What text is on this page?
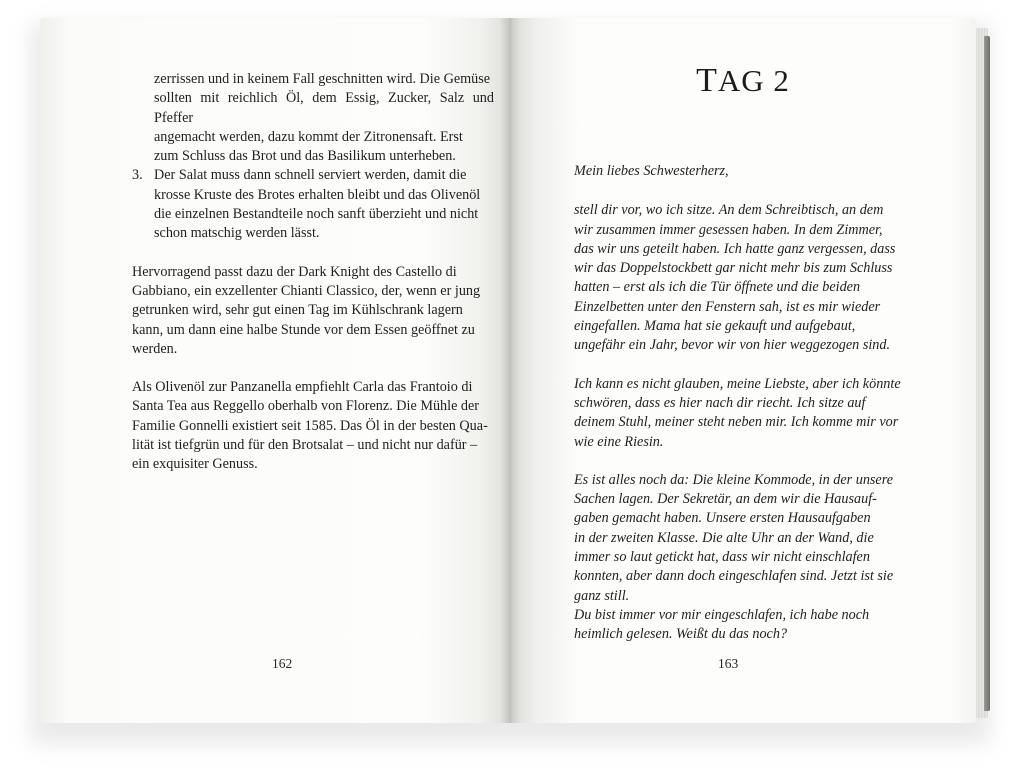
zerrissen und in keinem Fall geschnitten wird. Die Gemüse
sollten mit reichlich Öl, dem Essig, Zucker, Salz und Pfeffer
angemacht werden, dazu kommt der Zitronensaft. Erst
zum Schluss das Brot und das Basilikum unterheben.
3. Der Salat muss dann schnell serviert werden, damit die
krosse Kruste des Brotes erhalten bleibt und das Olivenöl
die einzelnen Bestandteile noch sanft überzieht und nicht
schon matschig werden lässt.
Hervorragend passt dazu der Dark Knight des Castello di
Gabbiano, ein exzellenter Chianti Classico, der, wenn er jung
getrunken wird, sehr gut einen Tag im Kühlschrank lagern
kann, um dann eine halbe Stunde vor dem Essen geöffnet zu
werden.
Als Olivenöl zur Panzanella empfiehlt Carla das Frantoio di
Santa Tea aus Reggello oberhalb von Florenz. Die Mühle der
Familie Gonnelli existiert seit 1585. Das Öl in der besten Qua-
lität ist tiefgrün und für den Brotsalat – und nicht nur dafür –
ein exquisiter Genuss.
162
TAG 2
Mein liebes Schwesterherz,
stell dir vor, wo ich sitze. An dem Schreibtisch, an dem
wir zusammen immer gesessen haben. In dem Zimmer,
das wir uns geteilt haben. Ich hatte ganz vergessen, dass
wir das Doppelstockbett gar nicht mehr bis zum Schluss
hatten – erst als ich die Tür öffnete und die beiden
Einzelbetten unter den Fenstern sah, ist es mir wieder
eingefallen. Mama hat sie gekauft und aufgebaut,
ungefähr ein Jahr, bevor wir von hier weggezogen sind.
Ich kann es nicht glauben, meine Liebste, aber ich könnte
schwören, dass es hier nach dir riecht. Ich sitze auf
deinem Stuhl, meiner steht neben mir. Ich komme mir vor
wie eine Riesin.
Es ist alles noch da: Die kleine Kommode, in der unsere
Sachen lagen. Der Sekretär, an dem wir die Hausauf-
gaben gemacht haben. Unsere ersten Hausaufgaben
in der zweiten Klasse. Die alte Uhr an der Wand, die
immer so laut getickt hat, dass wir nicht einschlafen
konnten, aber dann doch eingeschlafen sind. Jetzt ist sie
ganz still.
Du bist immer vor mir eingeschlafen, ich habe noch
heimlich gelesen. Weißt du das noch?
163
